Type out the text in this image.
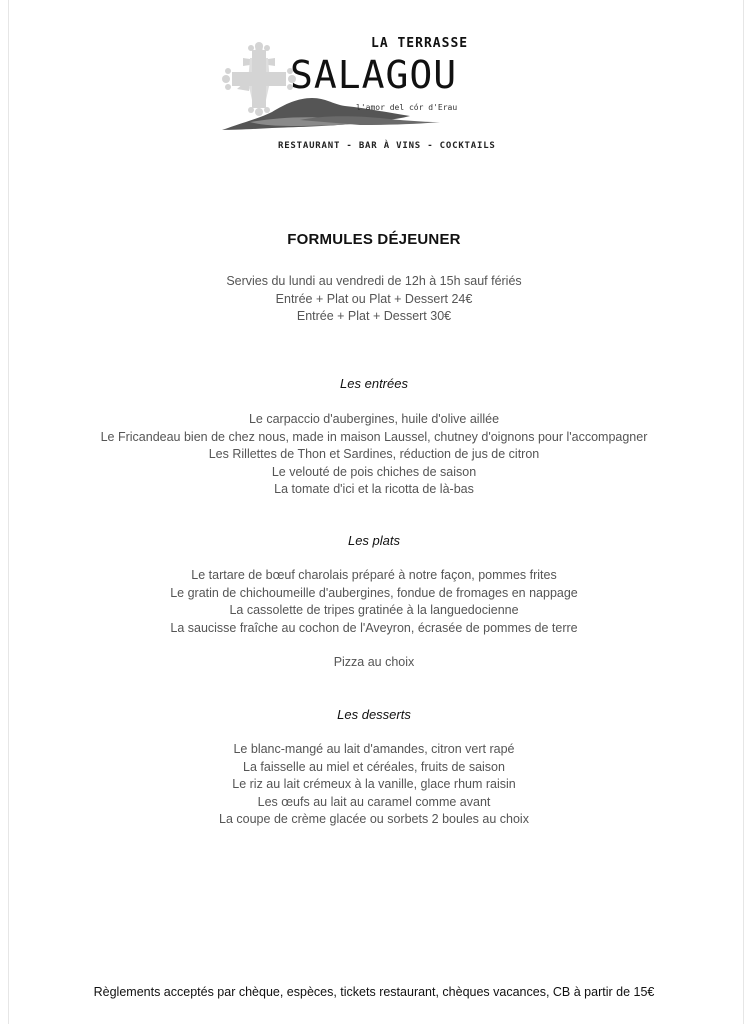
LA TERRASSE
SALAGOU
l'amor del cór d'Erau
RESTAURANT - BAR À VINS - COCKTAILS
FORMULES DÉJEUNER
Servies du lundi au vendredi de 12h à 15h sauf fériés
Entrée + Plat ou Plat + Dessert 24€
Entrée + Plat + Dessert 30€
Les entrées
Le carpaccio d'aubergines, huile d'olive aillée
Le Fricandeau bien de chez nous, made in maison Laussel, chutney d'oignons pour l'accompagner
Les Rillettes de Thon et Sardines, réduction de jus de citron
Le velouté de pois chiches de saison
La tomate d'ici et la ricotta de là-bas
Les plats
Le tartare de bœuf charolais préparé à notre façon, pommes frites
Le gratin de chichoumeille d'aubergines, fondue de fromages en nappage
La cassolette de tripes gratinée à la languedocienne
La saucisse fraîche au cochon de l'Aveyron, écrasée de pommes de terre
Pizza au choix
Les desserts
Le blanc-mangé au lait d'amandes, citron vert rapé
La faisselle au miel et céréales, fruits de saison
Le riz au lait crémeux à la vanille, glace rhum raisin
Les œufs au lait au caramel comme avant
La coupe de crème glacée ou sorbets 2 boules au choix
Règlements acceptés par chèque, espèces, tickets restaurant, chèques vacances, CB à partir de 15€
